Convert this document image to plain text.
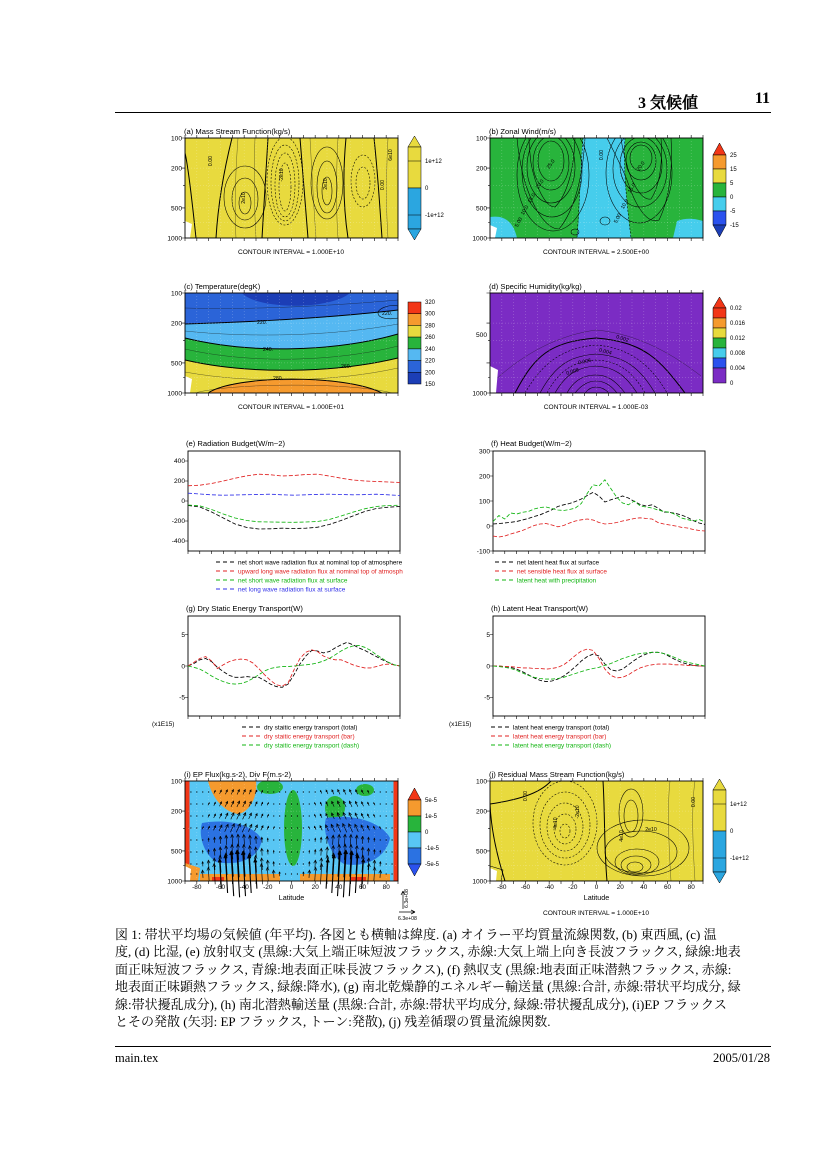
3 気候値	11
(a) Mass Stream Function(kg/s)
0.00
2e10
-2e10
2e10	0.00
6e10
100
200
500
1000
1e+12
0
-1e+12
CONTOUR INTERVAL = 1.000E+10
(b) Zonal Wind(m/s)
25.0
20.0
15.0
10.0
5.00
20.0
15.0
10.0
5.00
0.00
100
200
500
1000
25
15
5
0
-5
-15
CONTOUR INTERVAL = 2.500E+00
(c) Temperature(degK)
220.
240.
260.
280.
220.
100
200
500
1000
320
300
280
260
240
220
200
150
CONTOUR INTERVAL = 1.000E+01
(d) Specific Humidity(kg/kg)
0.002
0.004
0.006
0.008
500
1000
0.02
0.016
0.012
0.008
0.004
0
CONTOUR INTERVAL = 1.000E-03
(e) Radiation Budget(W/m~2)
400
200
0
-200
-400
net short wave radiation flux at nominal top of atmosphere
upward long wave radiation flux at nominal top of atmosph
net short wave radiation flux at surface
net long wave radiation flux at surface
(f) Heat Budget(W/m~2)
300
200
100
0
-100
net latent heat flux at surface
net sensible heat flux at surface
latent heat with precipitation
(g) Dry Static Energy Transport(W)
5
0
-5
(x1E15)	dry staitic energy transport (total)
dry staitic energy transport (bar)
dry staitic energy transport (dash)
(h) Latent Heat Transport(W)
5
0
-5
(x1E15)	latent heat energy transport (total)
latent heat energy transport (bar)
latent heat energy transport (dash)
(i) EP Flux(kg.s-2), Div F(m.s-2)
100
200
500
1000
-80 -60 -40 -20	0	20	40	60	80
Latitude	6.3e+08
6.3e+08
(j) Residual Mass Stream Function(kg/s)
0.00
-2e10
-4e10	2e10
4e10
0.00
100
200
500
1000
-80 -60 -40 -20	0	20	40	60	80
Latitude
1e+12
0
-1e+12
CONTOUR INTERVAL = 1.000E+10
5e-5
1e-5
0
-1e-5
-5e-5
図 1: 帯状平均場の気候値 (年平均). 各図とも横軸は緯度. (a) オイラー平均質量流線関数, (b) 東西風, (c) 温
度, (d) 比湿, (e) 放射収支 (黒線:大気上端正味短波フラックス, 赤線:大気上端上向き長波フラックス, 緑線:地表
面正味短波フラックス, 青線:地表面正味長波フラックス), (f) 熱収支 (黒線:地表面正味潜熱フラックス, 赤線:
地表面正味顕熱フラックス, 緑線:降水), (g) 南北乾燥静的エネルギー輸送量 (黒線:合計, 赤線:帯状平均成分, 緑
線:帯状擾乱成分), (h) 南北潜熱輸送量 (黒線:合計, 赤線:帯状平均成分, 緑線:帯状擾乱成分), (i)EP フラックス
とその発散 (矢羽: EP フラックス, トーン:発散), (j) 残差循環の質量流線関数.
main.tex	2005/01/28
